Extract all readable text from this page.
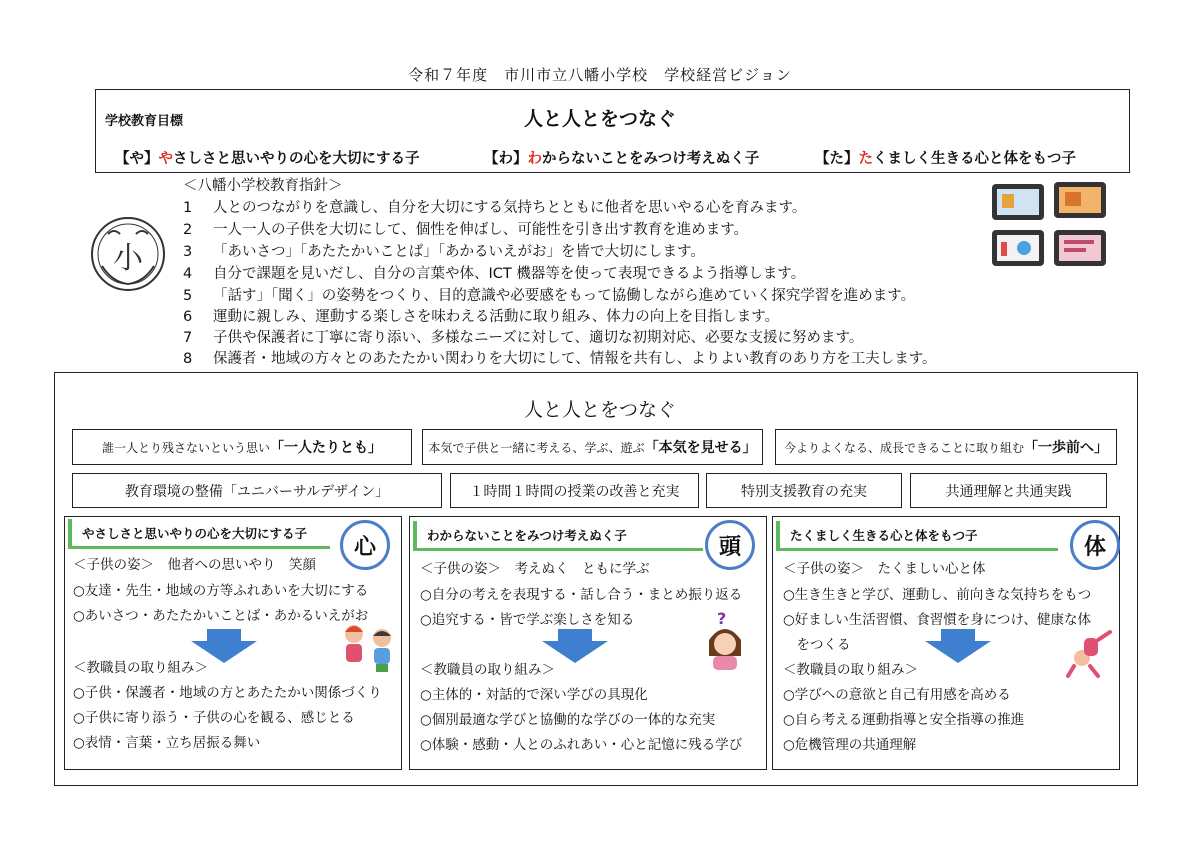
令和７年度　市川市立八幡小学校　学校経営ビジョン
学校教育目標	人と人とをつなぐ
【や】やさしさと思いやりの心を大切にする子	【わ】わからないことをみつけ考えぬく子	【た】たくましく生きる心と体をもつ子
小
＜八幡小学校教育指針＞
1 人とのつながりを意識し、自分を大切にする気持ちとともに他者を思いやる心を育みます。
2 一人一人の子供を大切にして、個性を伸ばし、可能性を引き出す教育を進めます。
3 「あいさつ」「あたたかいことば」「あかるいえがお」を皆で大切にします。
4 自分で課題を見いだし、自分の言葉や体、ICT 機器等を使って表現できるよう指導します。
5 「話す」「聞く」の姿勢をつくり、目的意識や必要感をもって協働しながら進めていく探究学習を進めます。
6 運動に親しみ、運動する楽しさを味わえる活動に取り組み、体力の向上を目指します。
7 子供や保護者に丁寧に寄り添い、多様なニーズに対して、適切な初期対応、必要な支援に努めます。
8 保護者・地域の方々とのあたたかい関わりを大切にして、情報を共有し、よりよい教育のあり方を工夫します。
人と人とをつなぐ
誰一人とり残さないという思い 「一人たりとも」	本気で子供と一緒に考える、学ぶ、遊ぶ 「本気を見せる」 今よりよくなる、成長できることに取り組む 「一歩前へ」
教育環境の整備「ユニバーサルデザイン」	１時間１時間の授業の改善と充実	特別支援教育の充実	共通理解と共通実践
やさしさと思いやりの心を大切にする子
＜子供の姿＞　 他者への思いやり　笑顔
○友達・先生・地域の方等ふれあいを大切にする
○あいさつ・あたたかいことば・あかるいえがお
＜教職員の取り組み＞
○子供・保護者・地域の方とあたたかい関係づくり
○子供に寄り添う・子供の心を観る、感じとる
○表情・言葉・立ち居振る舞い
心	わからないことをみつけ考えぬく子
＜子供の姿＞　 考えぬく　ともに学ぶ
○自分の考えを表現する・話し合う・まとめ振り返る
○追究する・皆で学ぶ楽しさを知る
＜教職員の取り組み＞
○主体的・対話的で深い学びの具現化
○個別最適な学びと協働的な学びの一体的な充実
○体験・感動・人とのふれあい・心と記憶に残る学び
頭
?
たくましく生きる心と体をもつ子
＜子供の姿＞　 たくましい心と体
○生き生きと学び、運動し、前向きな気持ちをもつ
○好ましい生活習慣、食習慣を身につけ、健康な体
　をつくる
＜教職員の取り組み＞
○学びへの意欲と自己有用感を高める
○自ら考える運動指導と安全指導の推進
○危機管理の共通理解
体
